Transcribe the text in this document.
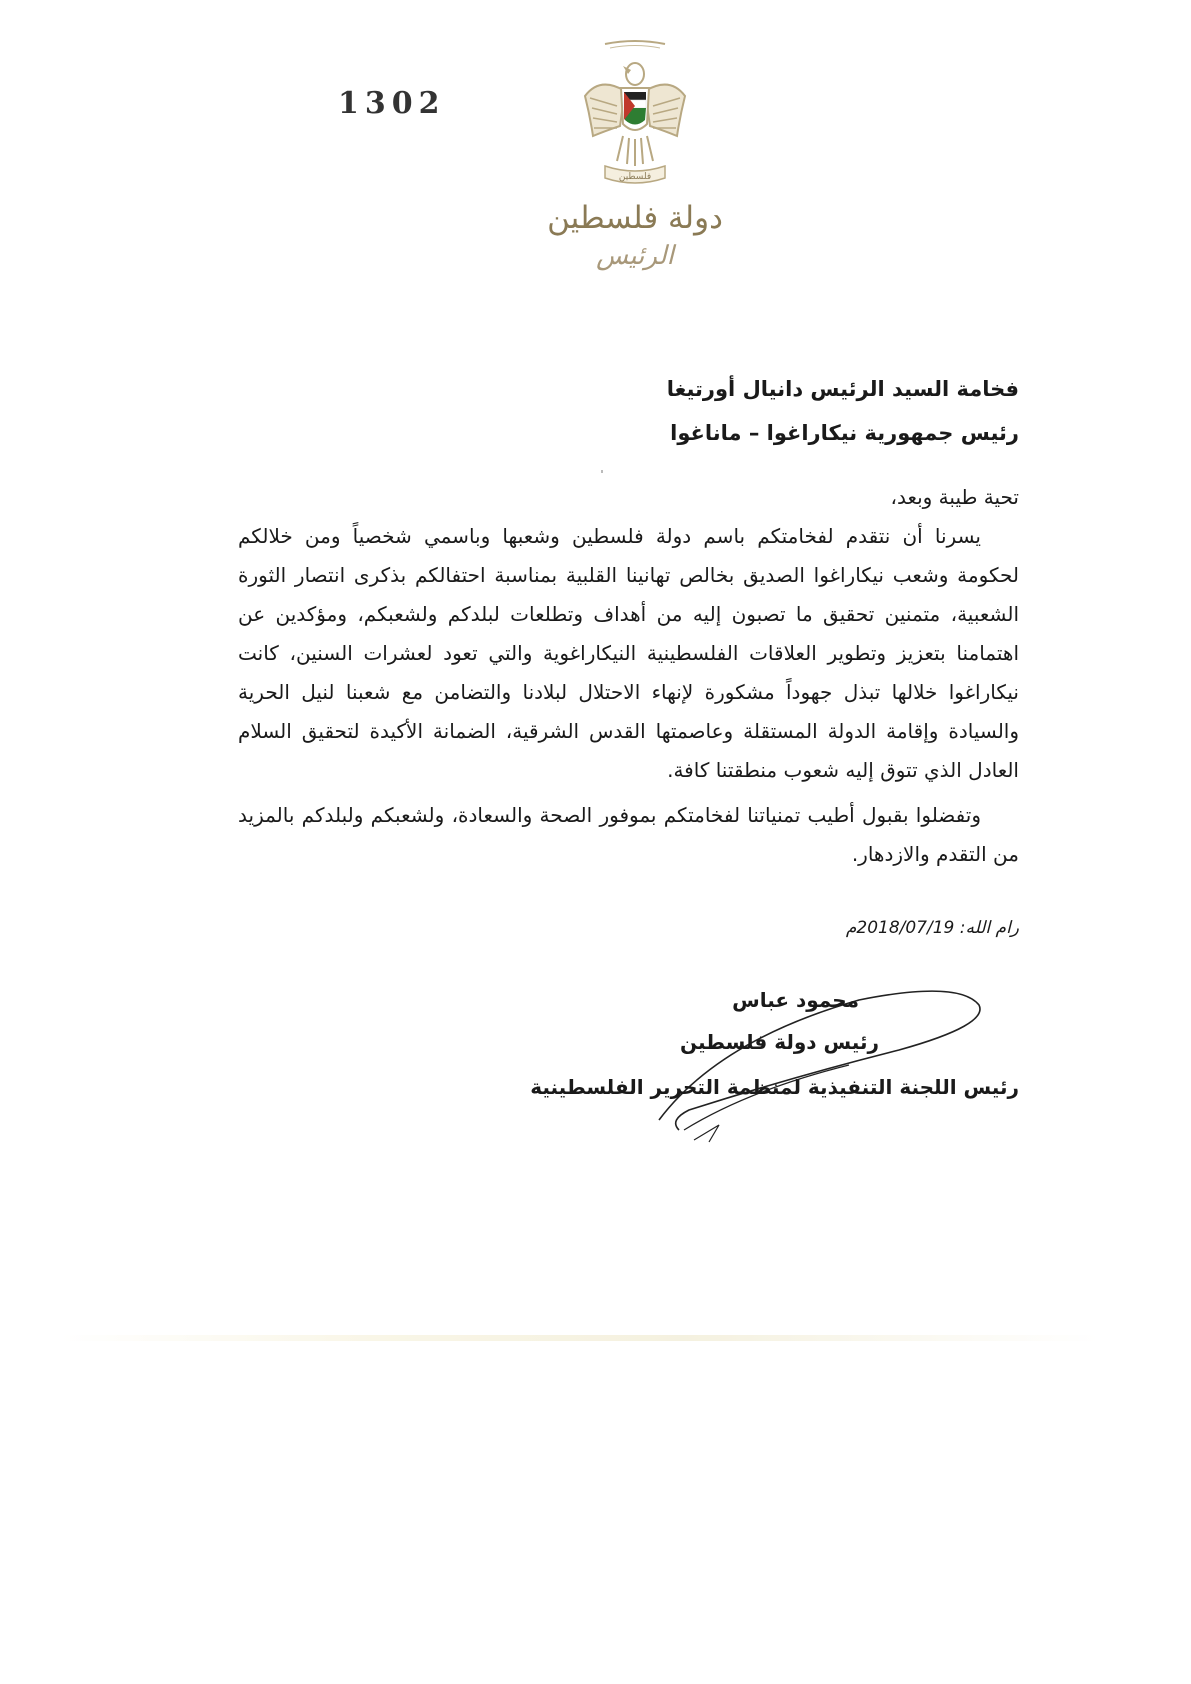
1302
فلسطين
دولة فلسطين
الرئيس
فخامة السيد الرئيس دانيال أورتيغا
رئيس جمهورية نيكاراغوا – ماناغوا

تحية طيبة وبعد،

يسرنا أن نتقدم لفخامتكم باسم دولة فلسطين وشعبها وباسمي شخصياً ومن خلالكم لحكومة وشعب نيكاراغوا الصديق بخالص تهانينا القلبية بمناسبة احتفالكم بذكرى انتصار الثورة الشعبية، متمنين تحقيق ما تصبون إليه من أهداف وتطلعات لبلدكم ولشعبكم، ومؤكدين عن اهتمامنا بتعزيز وتطوير العلاقات الفلسطينية النيكاراغوية والتي تعود لعشرات السنين، كانت نيكاراغوا خلالها تبذل جهوداً مشكورة لإنهاء الاحتلال لبلادنا والتضامن مع شعبنا لنيل الحرية والسيادة وإقامة الدولة المستقلة وعاصمتها القدس الشرقية، الضمانة الأكيدة لتحقيق السلام العادل الذي تتوق إليه شعوب منطقتنا كافة.

وتفضلوا بقبول أطيب تمنياتنا لفخامتكم بموفور الصحة والسعادة، ولشعبكم ولبلدكم بالمزيد من التقدم والازدهار.

رام الله: 2018/07/19م
محمود عباس
رئيس دولة فلسطين
رئيس اللجنة التنفيذية لمنظمة التحرير الفلسطينية
